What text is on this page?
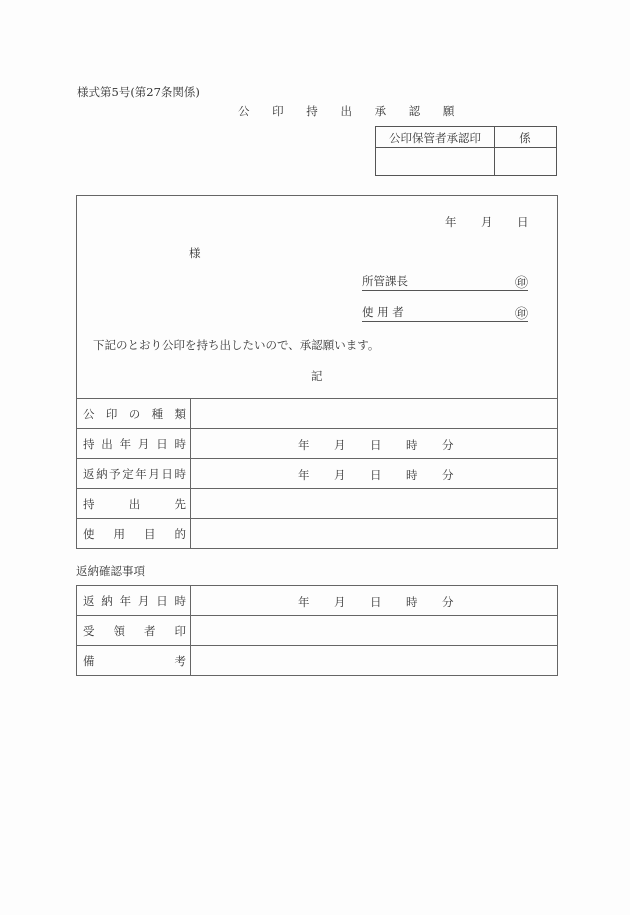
様式第5号(第27条関係)
公 印 持 出 承 認 願
公印保管者承認印	係
年 月 日
様
所管課長	㊞
使 用 者	㊞
下記のとおり公印を持ち出したいので、承認願います。
記
公 印 の 種 類	

持 出 年 月 日 時	年	月	日	時	分

返 納 予 定 年 月 日 時	年	月	日	時	分

持 出 先	

使 用 目 的	

返納確認事項
返 納 年 月 日 時	年	月	日	時	分

受 領 者 印	

備 考	
